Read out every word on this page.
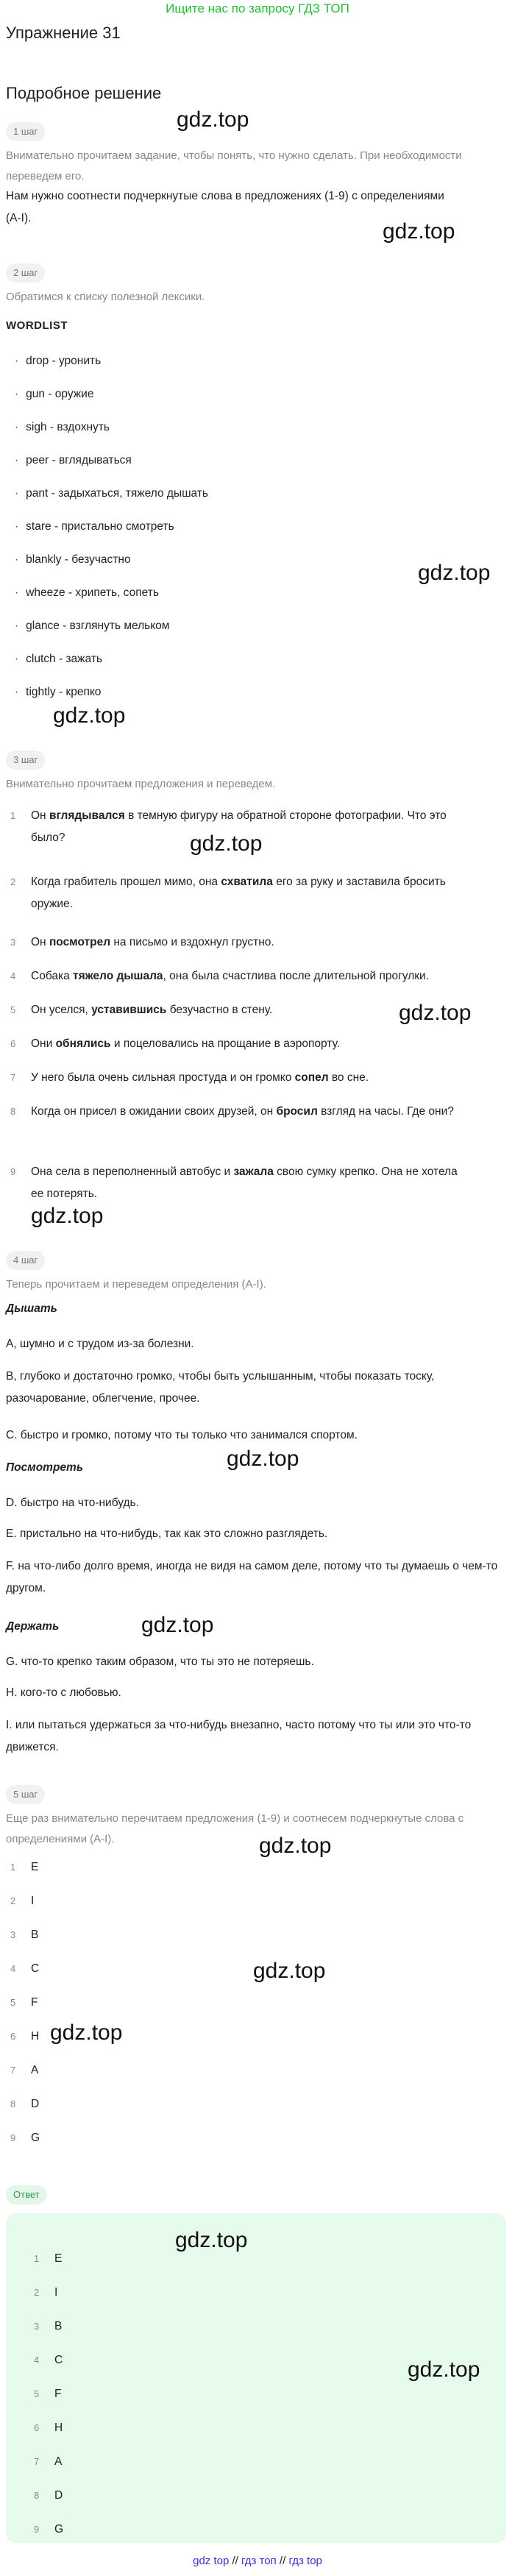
Ищите нас по запросу ГДЗ ТОП
Упражнение 31
Подробное решение
gdz.top
gdz.top
gdz.top
gdz.top
gdz.top
gdz.top
gdz.top
gdz.top
gdz.top
gdz.top
gdz.top
gdz.top
1 шаг
Внимательно прочитаем задание, чтобы понять, что нужно сделать. При необходимости переведем его.
Нам нужно соотнести подчеркнутые слова в предложениях (1-9) с определениями (A-I).
2 шаг
Обратимся к списку полезной лексики.
WORDLIST
· drop - уронить
· gun - оружие
· sigh - вздохнуть
· peer - вглядываться
· pant - задыхаться, тяжело дышать
· stare - пристально смотреть
· blankly - безучастно
· wheeze - хрипеть, сопеть
· glance - взглянуть мельком
· clutch - зажать
· tightly - крепко
3 шаг
Внимательно прочитаем предложения и переведем.
1	Он вглядывался в темную фигуру на обратной стороне фотографии. Что это было?
2	Когда грабитель прошел мимо, она схватила его за руку и заставила бросить оружие.
3	Он посмотрел на письмо и вздохнул грустно.
4	Собака тяжело дышала, она была счастлива после длительной прогулки.
5	Он уселся, уставившись безучастно в стену.
6	Они обнялись и поцеловались на прощание в аэропорту.
7	У него была очень сильная простуда и он громко сопел во сне.
8	Когда он присел в ожидании своих друзей, он бросил взгляд на часы. Где они?
9	Она села в переполненный автобус и зажала свою сумку крепко. Она не хотела ее потерять.
4 шаг
Теперь прочитаем и переведем определения (A-I).
Дышать
A, шумно и с трудом из-за болезни.
B, глубоко и достаточно громко, чтобы быть услышанным, чтобы показать тоску, разочарование, облегчение, прочее.
C. быстро и громко, потому что ты только что занимался спортом.
Посмотреть
D. быстро на что-нибудь.
E. пристально на что-нибудь, так как это сложно разглядеть.
F. на что-либо долго время, иногда не видя на самом деле, потому что ты думаешь о чем-то другом.
Держать
G. что-то крепко таким образом, что ты это не потеряешь.
H. кого-то с любовью.
I. или пытаться удержаться за что-нибудь внезапно, часто потому что ты или это что-то движется.
5 шаг
Еще раз внимательно перечитаем предложения (1-9) и соотнесем подчеркнутые слова с определениями (A-I).
1	E
2	I
3	B
4	C
5	F
6	H
7	A
8	D
9	G
Ответ
gdz.top
gdz.top
1	E
2	I
3	B
4	C
5	F
6	H
7	A
8	D
9	G
gdz top // гдз топ // гдз top
